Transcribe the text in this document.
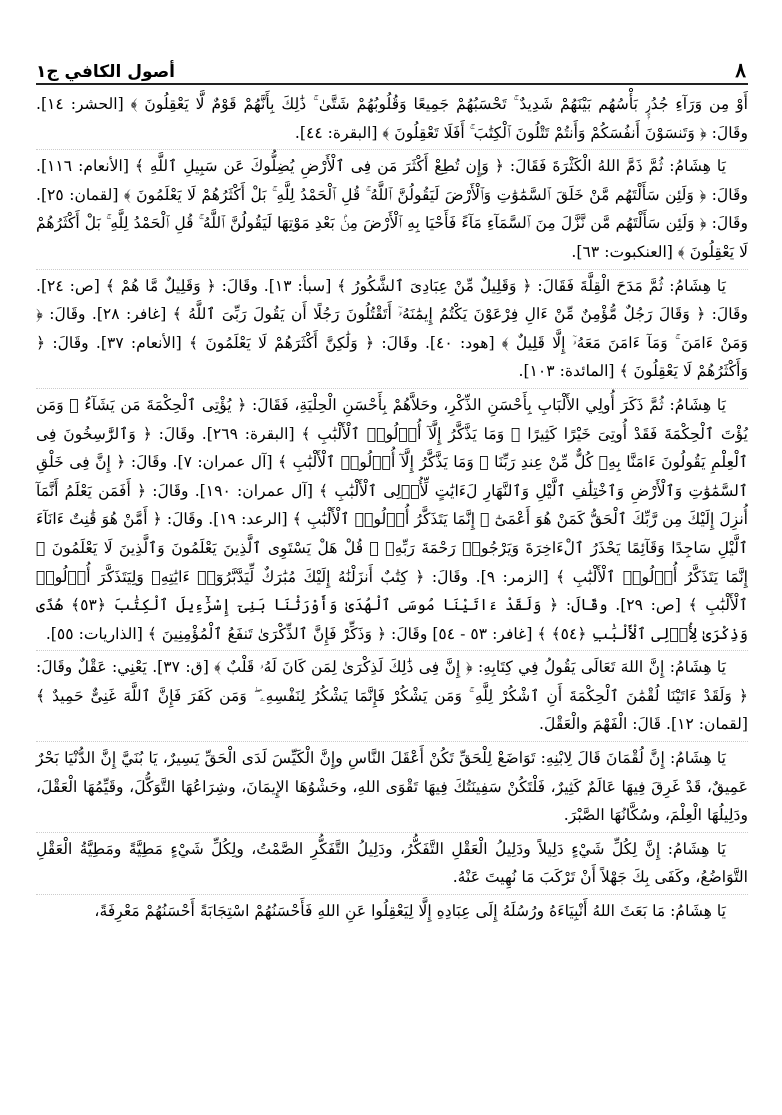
٨
أصول الكافي ج١

أَوْ مِن وَرَآءِ جُدُرٍۭ بَأْسُهُم بَيْنَهُمْ شَدِيدٌ ۚ تَحْسَبُهُمْ جَمِيعًا وَقُلُوبُهُمْ شَتَّىٰ ۚ ذَٰلِكَ بِأَنَّهُمْ قَوْمٌ لَّا يَعْقِلُونَ ﴾ [الحشر: ١٤]. وقَالَ: ﴿ وَتَنسَوْنَ أَنفُسَكُمْ وَأَنتُمْ تَتْلُونَ ٱلْكِتَٰبَ ۚ أَفَلَا تَعْقِلُونَ ﴾ [البقرة: ٤٤].

يَا هِشَامُ: ثُمَّ ذَمَّ اللهُ الْكَثْرَةَ فَقَالَ: ﴿ وَإِن تُطِعْ أَكْثَرَ مَن فِى ٱلْأَرْضِ يُضِلُّوكَ عَن سَبِيلِ ٱللَّهِ ﴾ [الأنعام: ١١٦]. وقَالَ: ﴿ وَلَئِن سَأَلْتَهُم مَّنْ خَلَقَ ٱلسَّمَٰوَٰتِ وَٱلْأَرْضَ لَيَقُولُنَّ ٱللَّهُ ۚ قُلِ ٱلْحَمْدُ لِلَّهِ ۚ بَلْ أَكْثَرُهُمْ لَا يَعْلَمُونَ ﴾ [لقمان: ٢٥]. وقَالَ: ﴿ وَلَئِن سَأَلْتَهُم مَّن نَّزَّلَ مِنَ ٱلسَّمَآءِ مَآءً فَأَحْيَا بِهِ ٱلْأَرْضَ مِنۢ بَعْدِ مَوْتِهَا لَيَقُولُنَّ ٱللَّهُ ۚ قُلِ ٱلْحَمْدُ لِلَّهِ ۚ بَلْ أَكْثَرُهُمْ لَا يَعْقِلُونَ ﴾ [العنكبوت: ٦٣].

يَا هِشَامُ: ثُمَّ مَدَحَ الْقِلَّةَ فَقَالَ: ﴿ وَقَلِيلٌ مِّنْ عِبَادِىَ ٱلشَّكُورُ ﴾ [سبأ: ١٣]. وقَالَ: ﴿ وَقَلِيلٌ مَّا هُمْ ﴾ [ص: ٢٤]. وقَالَ: ﴿ وَقَالَ رَجُلٌ مُّؤْمِنٌ مِّنْ ءَالِ فِرْعَوْنَ يَكْتُمُ إِيمَٰنَهُۥٓ أَتَقْتُلُونَ رَجُلًا أَن يَقُولَ رَبِّىَ ٱللَّهُ ﴾ [غافر: ٢٨]. وقَالَ: ﴿ وَمَنْ ءَامَنَ ۚ وَمَآ ءَامَنَ مَعَهُۥٓ إِلَّا قَلِيلٌ ﴾ [هود: ٤٠]. وقَالَ: ﴿ وَلَٰكِنَّ أَكْثَرَهُمْ لَا يَعْلَمُونَ ﴾ [الأنعام: ٣٧]. وقَالَ: ﴿ وَأَكْثَرُهُمْ لَا يَعْقِلُونَ ﴾ [المائدة: ١٠٣].

يَا هِشَامُ: ثُمَّ ذَكَرَ أُولِي الأَلْبَابِ بِأَحْسَنِ الذِّكْرِ، وحَلاَّهُمْ بِأَحْسَنِ الْحِلْيَةِ، فَقَالَ: ﴿ يُؤْتِى ٱلْحِكْمَةَ مَن يَشَآءُ ۚ وَمَن يُؤْتَ ٱلْحِكْمَةَ فَقَدْ أُوتِىَ خَيْرًا كَثِيرًا ۗ وَمَا يَذَّكَّرُ إِلَّآ أُو۟لُوا۟ ٱلْأَلْبَٰبِ ﴾ [البقرة: ٢٦٩]. وقَالَ: ﴿ وَٱلرَّٰسِخُونَ فِى ٱلْعِلْمِ يَقُولُونَ ءَامَنَّا بِهِۦ كُلٌّ مِّنْ عِندِ رَبِّنَا ۗ وَمَا يَذَّكَّرُ إِلَّآ أُو۟لُوا۟ ٱلْأَلْبَٰبِ ﴾ [آل عمران: ٧]. وقَالَ: ﴿ إِنَّ فِى خَلْقِ ٱلسَّمَٰوَٰتِ وَٱلْأَرْضِ وَٱخْتِلَٰفِ ٱلَّيْلِ وَٱلنَّهَارِ لَءَايَٰتٍ لِّأُو۟لِى ٱلْأَلْبَٰبِ ﴾ [آل عمران: ١٩٠]. وقَالَ: ﴿ أَفَمَن يَعْلَمُ أَنَّمَآ أُنزِلَ إِلَيْكَ مِن رَّبِّكَ ٱلْحَقُّ كَمَنْ هُوَ أَعْمَىٰٓ ۚ إِنَّمَا يَتَذَكَّرُ أُو۟لُوا۟ ٱلْأَلْبَٰبِ ﴾ [الرعد: ١٩]. وقَالَ: ﴿ أَمَّنْ هُوَ قَٰنِتٌ ءَانَآءَ ٱلَّيْلِ سَاجِدًا وَقَآئِمًا يَحْذَرُ ٱلْءَاخِرَةَ وَيَرْجُوا۟ رَحْمَةَ رَبِّهِۦ ۗ قُلْ هَلْ يَسْتَوِى ٱلَّذِينَ يَعْلَمُونَ وَٱلَّذِينَ لَا يَعْلَمُونَ ۗ إِنَّمَا يَتَذَكَّرُ أُو۟لُوا۟ ٱلْأَلْبَٰبِ ﴾ [الزمر: ٩]. وقَالَ: ﴿ كِتَٰبٌ أَنزَلْنَٰهُ إِلَيْكَ مُبَٰرَكٌ لِّيَدَّبَّرُوٓا۟ ءَايَٰتِهِۦ وَلِيَتَذَكَّرَ أُو۟لُوا۟ ٱلْأَلْبَٰبِ ﴾ [ص: ٢٩]. وقَالَ: ﴿ وَلَقَدْ ءَاتَيْنَا مُوسَى ٱلْهُدَىٰ وَأَوْرَثْنَا بَنِىٓ إِسْرَٰٓءِيلَ ٱلْكِتَٰبَ ﴿٥٣﴾ هُدًى وَذِكْرَىٰ لِأُو۟لِى ٱلْأَلْبَٰبِ ﴿٥٤﴾ ﴾ [غافر: ٥٣ - ٥٤] وقَالَ: ﴿ وَذَكِّرْ فَإِنَّ ٱلذِّكْرَىٰ تَنفَعُ ٱلْمُؤْمِنِينَ ﴾ [الذاريات: ٥٥].

يَا هِشَامُ: إِنَّ اللهَ تَعَالَى يَقُولُ فِي كِتَابِهِ: ﴿ إِنَّ فِى ذَٰلِكَ لَذِكْرَىٰ لِمَن كَانَ لَهُۥ قَلْبٌ ﴾ [ق: ٣٧]. يَعْنِي: عَقْلٌ وقَالَ: ﴿ وَلَقَدْ ءَاتَيْنَا لُقْمَٰنَ ٱلْحِكْمَةَ أَنِ ٱشْكُرْ لِلَّهِ ۚ وَمَن يَشْكُرْ فَإِنَّمَا يَشْكُرُ لِنَفْسِهِۦ ۖ وَمَن كَفَرَ فَإِنَّ ٱللَّهَ غَنِىٌّ حَمِيدٌ ﴾ [لقمان: ١٢]. قَالَ: الْفَهْمَ والْعَقْلَ.

يَا هِشَامُ: إِنَّ لُقْمَانَ قَالَ لِابْنِهِ: تَوَاضَعْ لِلْحَقِّ تَكُنْ أَعْقَلَ النَّاسِ وإِنَّ الْكَيِّسَ لَدَى الْحَقِّ يَسِيرٌ، يَا بُنَيَّ إِنَّ الدُّنْيَا بَحْرٌ عَمِيقٌ، قَدْ غَرِقَ فِيهَا عَالَمٌ كَثِيرٌ، فَلْتَكُنْ سَفِينَتُكَ فِيهَا تَقْوَى اللهِ، وحَشْوُهَا الإِيمَانَ، وشِرَاعُهَا التَّوَكُّلَ، وقَيِّمُهَا الْعَقْلَ، ودَلِيلُهَا الْعِلْمَ، وسُكَّانُهَا الصَّبْرَ.

يَا هِشَامُ: إِنَّ لِكُلِّ شَيْءٍ دَلِيلاً ودَلِيلُ الْعَقْلِ التَّفَكُّرُ، ودَلِيلُ التَّفَكُّرِ الصَّمْتُ، ولِكُلِّ شَيْءٍ مَطِيَّةً ومَطِيَّةُ الْعَقْلِ التَّوَاضُعُ، وكَفَى بِكَ جَهْلاً أَنْ تَرْكَبَ مَا نُهِيتَ عَنْهُ.

يَا هِشَامُ: مَا بَعَثَ اللهُ أَنْبِيَاءَهُ ورُسُلَهُ إِلَى عِبَادِهِ إِلَّا لِيَعْقِلُوا عَنِ اللهِ فَأَحْسَنُهُمْ اسْتِجَابَةً أَحْسَنُهُمْ مَعْرِفَةً،
